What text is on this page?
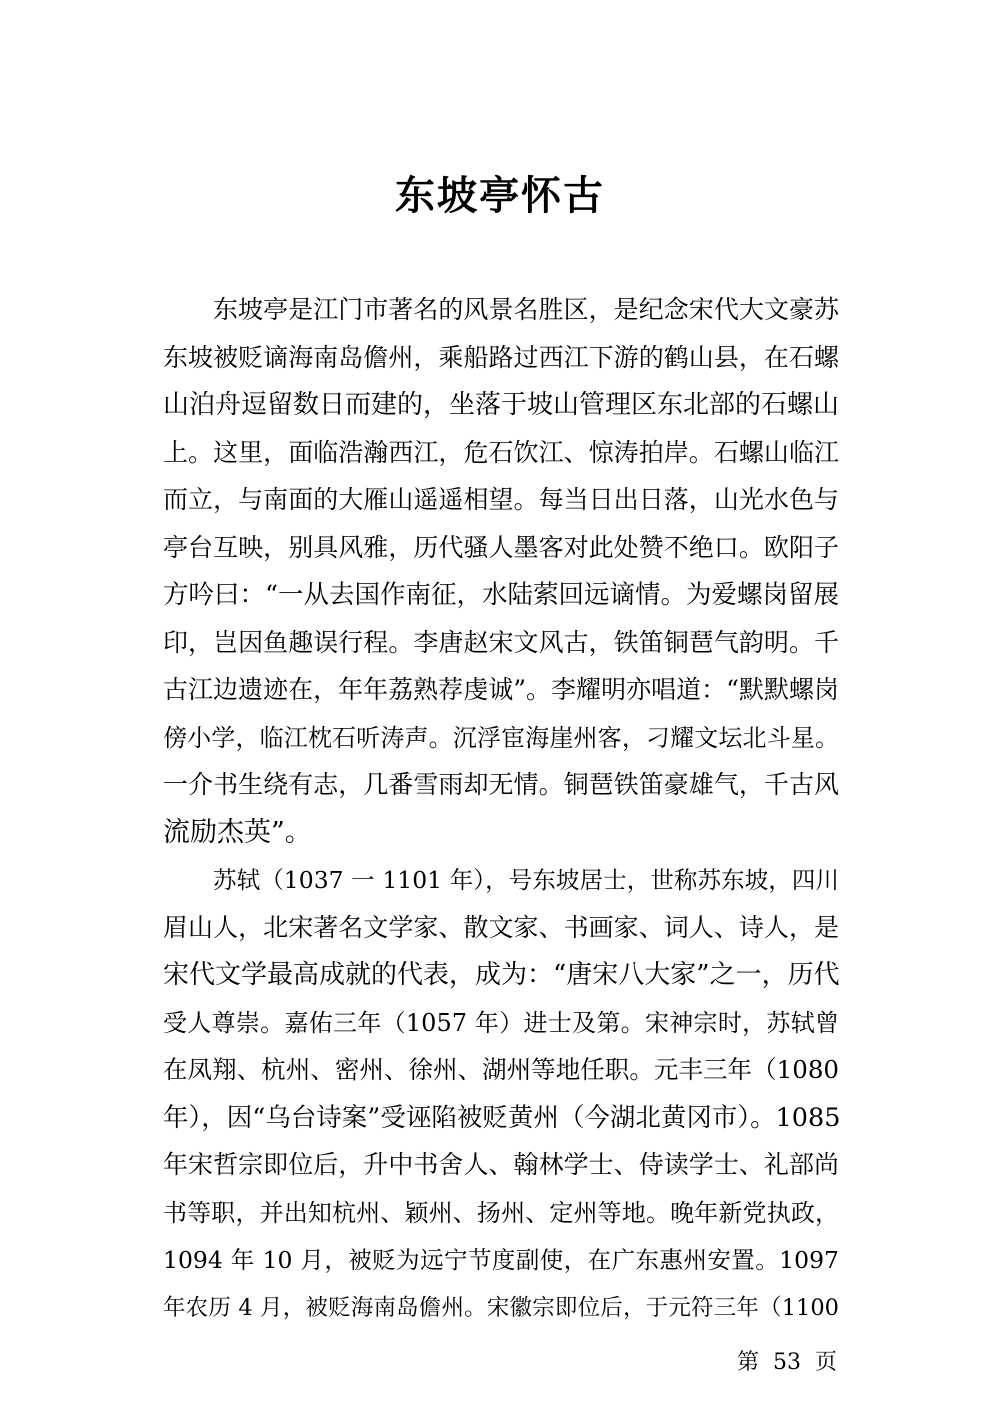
东坡亭怀古
东坡亭是江门市著名的风景名胜区，是纪念宋代大文豪苏
东坡被贬谪海南岛儋州，乘船路过西江下游的鹤山县，在石螺
山泊舟逗留数日而建的，坐落于坡山管理区东北部的石螺山
上。这里，面临浩瀚西江，危石饮江、惊涛拍岸。石螺山临江
而立，与南面的大雁山遥遥相望。每当日出日落，山光水色与
亭台互映，别具风雅，历代骚人墨客对此处赞不绝口。欧阳子
方吟曰：“一从去国作南征，水陆萦回远谪情。为爱螺岗留展
印，岂因鱼趣误行程。李唐赵宋文风古，铁笛铜琶气韵明。千
古江边遗迹在，年年荔熟荐虔诚”。李耀明亦唱道：“默默螺岗
傍小学，临江枕石听涛声。沉浮宦海崖州客，刁耀文坛北斗星。
一介书生绕有志，几番雪雨却无情。铜琶铁笛豪雄气，千古风
流励杰英”。
苏轼（1037 一 1101 年），号东坡居士，世称苏东坡，四川
眉山人，北宋著名文学家、散文家、书画家、词人、诗人，是
宋代文学最高成就的代表，成为：“唐宋八大家”之一，历代
受人尊崇。嘉佑三年（1057 年）进士及第。宋神宗时，苏轼曾
在凤翔、杭州、密州、徐州、湖州等地任职。元丰三年（1080
年），因“乌台诗案”受诬陷被贬黄州（今湖北黄冈市）。1085
年宋哲宗即位后，升中书舍人、翰林学士、侍读学士、礼部尚
书等职，并出知杭州、颖州、扬州、定州等地。晚年新党执政，
1094 年 10 月，被贬为远宁节度副使，在广东惠州安置。1097
年农历 4 月，被贬海南岛儋州。宋徽宗即位后，于元符三年（1100
第  53  页
